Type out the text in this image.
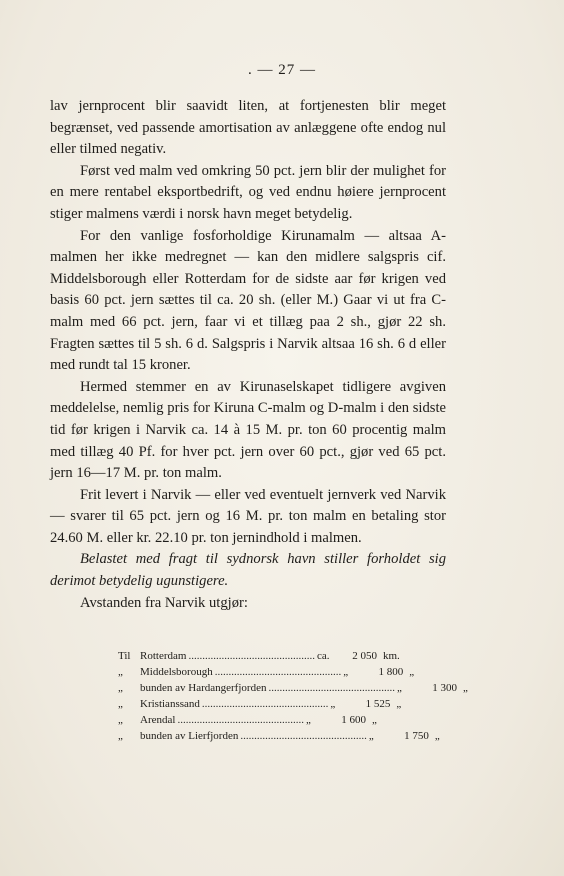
. — 27 —

lav jernprocent blir saavidt liten, at fortjenesten blir meget begrænset, ved passende amortisation av anlæggene ofte endog nul eller tilmed negativ.

Først ved malm ved omkring 50 pct. jern blir der mulighet for en mere rentabel eksportbedrift, og ved endnu høiere jernprocent stiger malmens værdi i norsk havn meget betydelig.

For den vanlige fosforholdige Kirunamalm — altsaa A-malmen her ikke medregnet — kan den midlere salgspris cif. Middelsborough eller Rotterdam for de sidste aar før krigen ved basis 60 pct. jern sættes til ca. 20 sh. (eller M.) Gaar vi ut fra C-malm med 66 pct. jern, faar vi et tillæg paa 2 sh., gjør 22 sh. Fragten sættes til 5 sh. 6 d. Salgspris i Narvik altsaa 16 sh. 6 d eller med rundt tal 15 kroner.

Hermed stemmer en av Kirunaselskapet tidligere avgiven meddelelse, nemlig pris for Kiruna C-malm og D-malm i den sidste tid før krigen i Narvik ca. 14 à 15 M. pr. ton 60 procentig malm med tillæg 40 Pf. for hver pct. jern over 60 pct., gjør ved 65 pct. jern 16—17 M. pr. ton malm.

Frit levert i Narvik — eller ved eventuelt jernverk ved Narvik — svarer til 65 pct. jern og 16 M. pr. ton malm en betaling stor 24.60 M. eller kr. 22.10 pr. ton jernindhold i malmen.

Belastet med fragt til sydnorsk havn stiller forholdet sig derimot betydelig ugunstigere.

Avstanden fra Narvik utgjør:

Til Rotterdam .............................................. ca.	2 050 km.
„	Middelsborough .............................................. „	1 800 „
„	bunden av Hardangerfjorden .............................................. „	1 300 „
„	Kristianssand .............................................. „	1 525 „
„	Arendal .............................................. „	1 600 „
„	bunden av Lierfjorden .............................................. „	1 750 „
